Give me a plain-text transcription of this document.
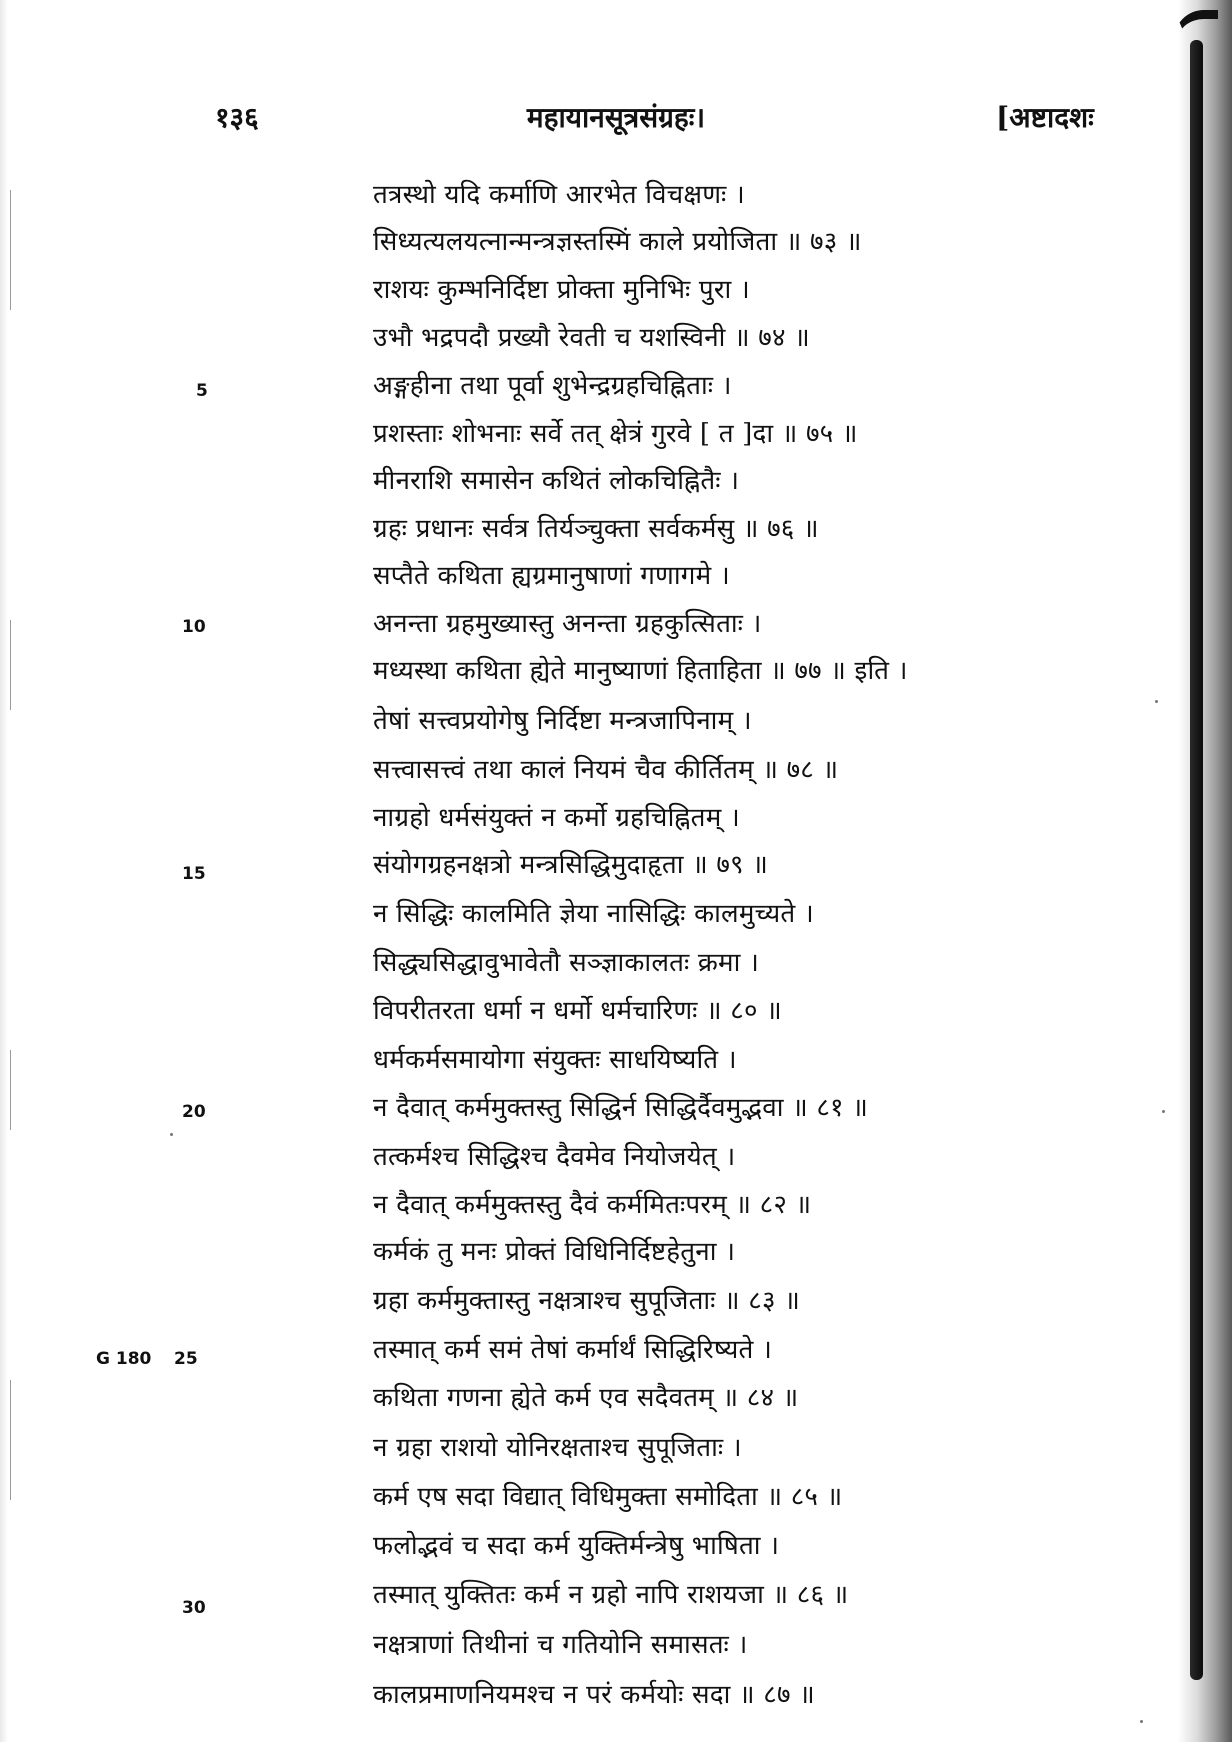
१३६	महायानसूत्रसंग्रहः।	[अष्टादशः
5
10
15
20
G 180 25
30
तत्रस्थो यदि कर्माणि आरभेत विचक्षणः ।
सिध्यत्यलयत्नान्मन्त्रज्ञस्तस्मिं काले प्रयोजिता ॥ ७३ ॥
राशयः कुम्भनिर्दिष्टा प्रोक्ता मुनिभिः पुरा ।
उभौ भद्रपदौ प्रख्यौ रेवती च यशस्विनी ॥ ७४ ॥
अङ्गहीना तथा पूर्वा शुभेन्द्रग्रहचिह्निताः ।
प्रशस्ताः शोभनाः सर्वे तत् क्षेत्रं गुरवे [ त ]दा ॥ ७५ ॥
मीनराशि समासेन कथितं लोकचिह्नितैः ।
ग्रहः प्रधानः सर्वत्र तिर्यञ्चुक्ता सर्वकर्मसु ॥ ७६ ॥
सप्तैते कथिता ह्यग्रमानुषाणां गणागमे ।
अनन्ता ग्रहमुख्यास्तु अनन्ता ग्रहकुत्सिताः ।
मध्यस्था कथिता ह्येते मानुष्याणां हिताहिता ॥ ७७ ॥ इति ।
तेषां सत्त्वप्रयोगेषु निर्दिष्टा मन्त्रजापिनाम् ।
सत्त्वासत्त्वं तथा कालं नियमं चैव कीर्तितम् ॥ ७८ ॥
नाग्रहो धर्मसंयुक्तं न कर्मो ग्रहचिह्नितम् ।
संयोगग्रहनक्षत्रो मन्त्रसिद्धिमुदाहृता ॥ ७९ ॥
न सिद्धिः कालमिति ज्ञेया नासिद्धिः कालमुच्यते ।
सिद्ध्यसिद्धावुभावेतौ सञ्ज्ञाकालतः क्रमा ।
विपरीतरता धर्मा न धर्मो धर्मचारिणः ॥ ८० ॥
धर्मकर्मसमायोगा संयुक्तः साधयिष्यति ।
न दैवात् कर्ममुक्तस्तु सिद्धिर्न सिद्धिर्दैवमुद्भवा ॥ ८१ ॥
तत्कर्मश्च सिद्धिश्च दैवमेव नियोजयेत् ।
न दैवात् कर्ममुक्तस्तु दैवं कर्ममितःपरम् ॥ ८२ ॥
कर्मकं तु मनः प्रोक्तं विधिनिर्दिष्टहेतुना ।
ग्रहा कर्ममुक्तास्तु नक्षत्राश्च सुपूजिताः ॥ ८३ ॥
तस्मात् कर्म समं तेषां कर्मार्थं सिद्धिरिष्यते ।
कथिता गणना ह्येते कर्म एव सदैवतम् ॥ ८४ ॥
न ग्रहा राशयो योनिरक्षताश्च सुपूजिताः ।
कर्म एष सदा विद्यात् विधिमुक्ता समोदिता ॥ ८५ ॥
फलोद्भवं च सदा कर्म युक्तिर्मन्त्रेषु भाषिता ।
तस्मात् युक्तितः कर्म न ग्रहो नापि राशयजा ॥ ८६ ॥
नक्षत्राणां तिथीनां च गतियोनि समासतः ।
कालप्रमाणनियमश्च न परं कर्मयोः सदा ॥ ८७ ॥
